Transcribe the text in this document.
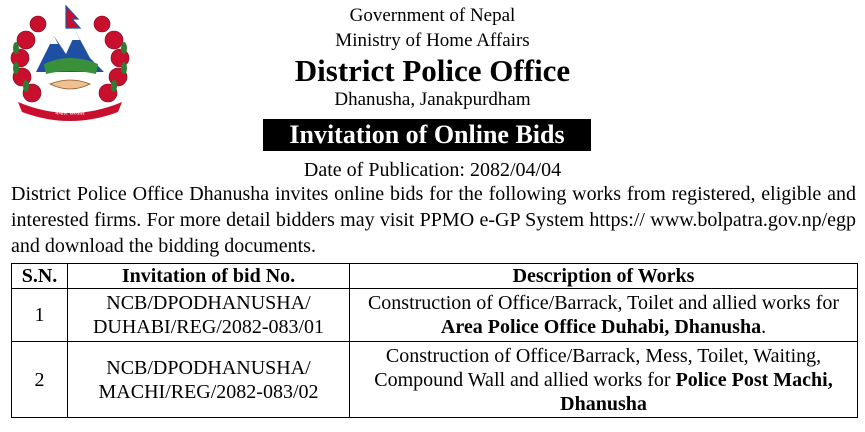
नेपाल सरकार
Government of Nepal
Ministry of Home Affairs
District Police Office
Dhanusha, Janakpurdham
Invitation of Online Bids
Date of Publication: 2082/04/04
District Police Office Dhanusha invites online bids for the following works from registered, eligible and interested firms. For more detail bidders may visit PPMO e-GP System https:// www.bolpatra.gov.np/egp and download the bidding documents.
S.N.	Invitation of bid No.	Description of Works
1	NCB/DPODHANUSHA/
DUHABI/REG/2082-083/01	Construction of Office/Barrack, Toilet and allied works for Area Police Office Duhabi, Dhanusha.
2	NCB/DPODHANUSHA/
MACHI/REG/2082-083/02	Construction of Office/Barrack, Mess, Toilet, Waiting, Compound Wall and allied works for Police Post Machi, Dhanusha
